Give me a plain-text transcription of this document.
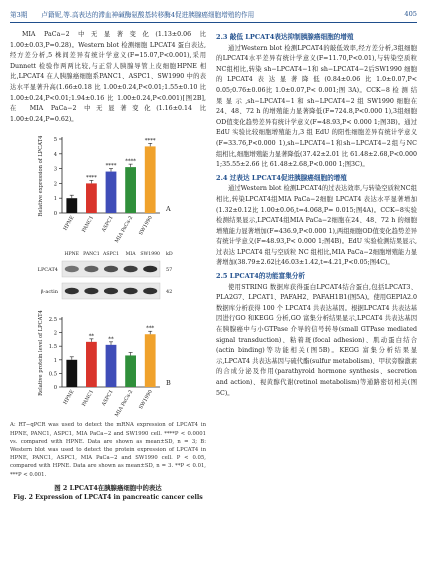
第3期 卢籍妮,等.高表达的滞血神碱酶氨酸基转移酶4促进胰腺癌细胞增殖的作用	405

MIA PaCa−2 中无显著变化(1.13±0.06 比 1.00±0.03,P=0.28)。Western blot 检测细胞 LPCAT4 蛋白表达,经方差分析,5 株间差异有统计学意义(F=15.07,P<0.001),采用Dunnett 检验作两两比较,与正常人胰腺导管上皮细胞HPNE 相比,LPCAT4 在人胰腺癌细胞系PANC1、ASPC1、SW1990 中的表达水平显著升高(1.66±0.18 比 1.00±0.24,P<0.01;1.55±0.10 比 1.00±0.24,P<0.01;1.94±0.16 比 1.00±0.24,P<0.001)[图2B],在 MIA PaCa−2 中无显著变化(1.16±0.14 比 1.00±0.24,P=0.62)。

0
1
2
3
4
5
Relative expression of LPCAT4
HPNE
****
PANC1
****
ASPC1
****
MIA PaCa-2
****
SW1990
A
HPNE PANC1 ASPC1 MIA SW1990 kD
LPCAT4	57
β-actin	42
0
0.5
1
1.5
2
2.5
Relative protein level of LPCAT4
HPNE
**
PANC1
**
ASPC1 MIA PaCa-2
***
SW1990
B
A: RT−qPCR was used to detect the mRNA expression of LPCAT4 in HPNE, PANC1, ASPC1, MIA PaCa−2 and SW1990 cell. ****P < 0.0001 vs. compared with HPNE. Data are shown as mean±SD, n = 3; B: Western blot was used to detect the protein expression of LPCAT4 in HPNE, PANC1, ASPC1, MIA PaCa−2 and SW1990 cell. P < 0.05, compared with HPNE. Data are shown as mean±SD, n = 3. **P < 0.01, ***P < 0.001.
图 2 LPCAT4在胰腺癌细胞中的表达
Fig. 2 Expression of LPCAT4 in pancreatic cancer cells
2.3 敲低 LPCAT4表达抑制胰腺癌细胞的增殖

通过Western blot 检测LPCAT4的敲低效率,经方差分析,3组细胞的LPCAT4水平差异有统计学意义(F=11.70,P<0.01),与转染空质粒NC组相比,转染 sh−LPCAT4−1和 sh−LPCAT4−2后SW1990 细胞的LPCAT4表达显著降低(0.84±0.06比1.0±0.07,P< 0.05;0.76±0.06比 1.0±0.07,P< 0.001;图 3A)。CCK−8 检 测 结 果 显 示 ,sh−LPCAT4−1 和 sh−LPCAT4−2 组 SW1990 细胞在 24、48、72 h 的增殖能力显著降低(F=724.8,P<0.000 1),3组细胞OD值变化趋势差异有统计学意义(F=48.93,P< 0.000 1;图3B)。通过 EdU 实验比较细胞增殖能力,3 组 EdU 的阳性细胞差异有统计学意义(F=33.76,P<0.000 1),sh−LPCAT4−1和sh−LPCAT4−2组与NC 组相比,细胞增殖能力显著降低(37.42±2.01 比 61.48±2.68,P<0.000 1;35.55±2.66 比 61.48±2.68,P<0.000 1;图3C)。

2.4 过表达 LPCAT4促进胰腺癌细胞的增殖

通过Western blot 检测LPCAT4的过表达效率,与转染空质粒NC组相比,转染LPCAT4组MIA PaCa−2细胞 LPCAT4 表达水平显著增加(1.32±0.12比 1.00±0.06,t=4.068,P= 0.015;图4A)。CCK−8实验检测结果显示,LPCAT4组MIA PaCa−2细胞在24、48、72 h 的细胞增殖能力显著增加(F=436.9,P<0.000 1),两组细胞OD值变化趋势差异有统计学意义(F=48.93,P< 0.000 1;图4B)。EdU 实验检测结果显示,过表达 LPCAT4 组与空质粒 NC 组相比,MIA PaCa−2细胞增殖能力显著增加(38.79±2.62比46.03±1.42,t=4.21,P<0.05;图4C)。

2.5 LPCAT4的功能富集分析

使用STRING 数据库获得蛋白LPCAT4结合蛋白,包括LPCAT3、PLA2G7、LPCAT1、PAFAH2、PAFAH1B1(图5A)。使用GEPIA2.0数据库分析获得 100 个 LPCAT4 共表达基因。根据LPCAT4 共表达基因进行GO 和KEGG 分析,GO 富集分析结果显示,LPCAT4 共表达基因在胰腺癌中与小GTPase 介导的信号转导(small GTPase mediated signal transduction)、粘着斑(focal adhesion)、肌动蛋白结合(actin binding)等功能相关(图5B)。KEGG 富集分析结果显示,LPCAT4 共表达基因与硫代酯(sulfur metabolism)、甲状旁腺激素的合成分泌及作用(parathyroid hormone synthesis、secretion and action)、视黄醇代谢(retinol metabolism)等通路密切相关(图5C)。
